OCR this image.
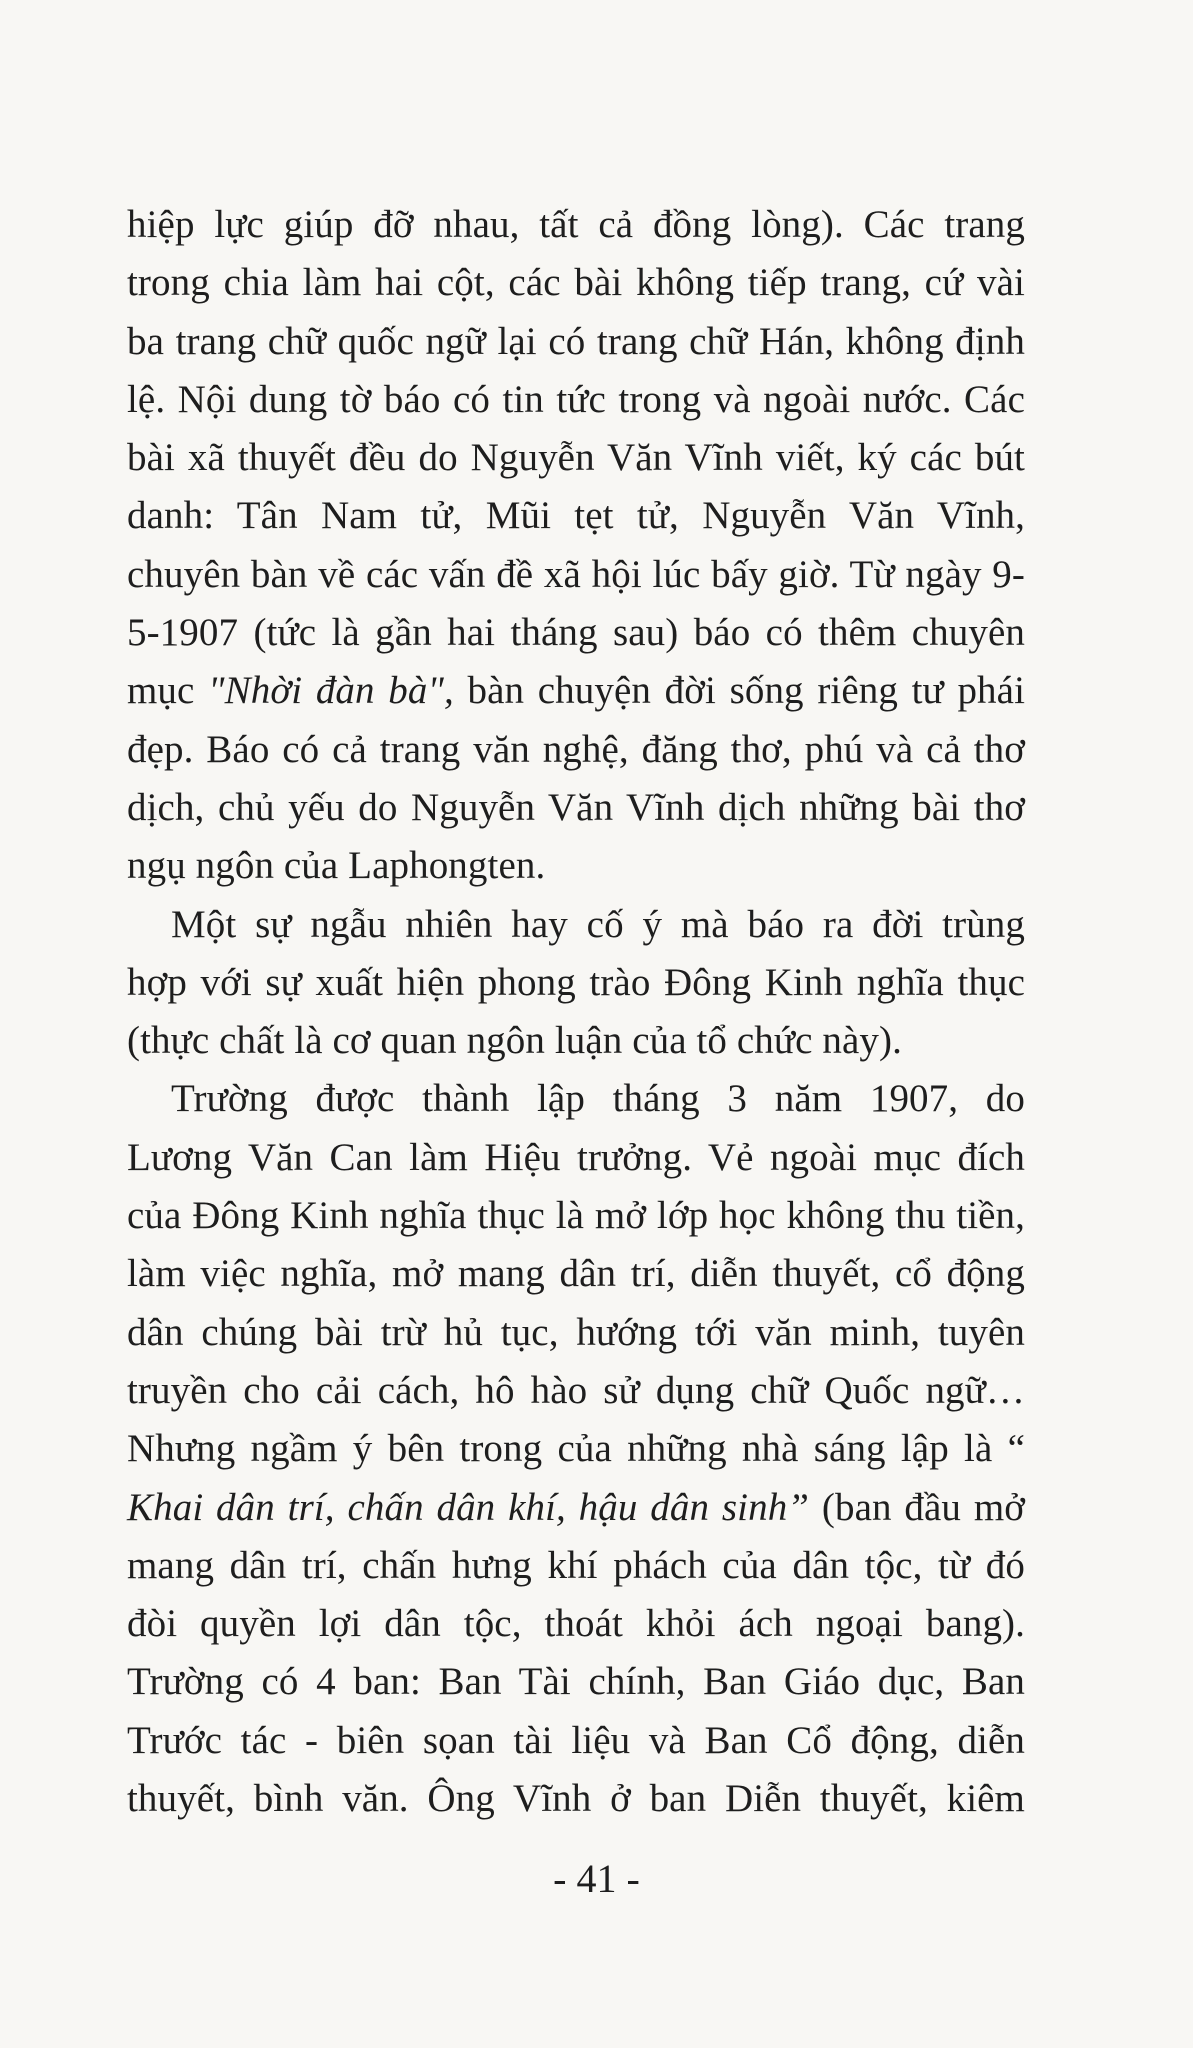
hiệp lực giúp đỡ nhau, tất cả đồng lòng). Các trang
trong chia làm hai cột, các bài không tiếp trang, cứ vài
ba trang chữ quốc ngữ lại có trang chữ Hán, không định
lệ. Nội dung tờ báo có tin tức trong và ngoài nước. Các
bài xã thuyết đều do Nguyễn Văn Vĩnh viết, ký các bút
danh: Tân Nam tử, Mũi tẹt tử, Nguyễn Văn Vĩnh,
chuyên bàn về các vấn đề xã hội lúc bấy giờ. Từ ngày 9-
5-1907 (tức là gần hai tháng sau) báo có thêm chuyên
mục "Nhời đàn bà", bàn chuyện đời sống riêng tư phái
đẹp. Báo có cả trang văn nghệ, đăng thơ, phú và cả thơ
dịch, chủ yếu do Nguyễn Văn Vĩnh dịch những bài thơ
ngụ ngôn của Laphongten.
Một sự ngẫu nhiên hay cố ý mà báo ra đời trùng
hợp với sự xuất hiện phong trào Đông Kinh nghĩa thục
(thực chất là cơ quan ngôn luận của tổ chức này).
Trường được thành lập tháng 3 năm 1907, do
Lương Văn Can làm Hiệu trưởng. Vẻ ngoài mục đích
của Đông Kinh nghĩa thục là mở lớp học không thu tiền,
làm việc nghĩa, mở mang dân trí, diễn thuyết, cổ động
dân chúng bài trừ hủ tục, hướng tới văn minh, tuyên
truyền cho cải cách, hô hào sử dụng chữ Quốc ngữ…
Nhưng ngầm ý bên trong của những nhà sáng lập là “
Khai dân trí, chấn dân khí, hậu dân sinh” (ban đầu mở
mang dân trí, chấn hưng khí phách của dân tộc, từ đó
đòi quyền lợi dân tộc, thoát khỏi ách ngoại bang).
Trường có 4 ban: Ban Tài chính, Ban Giáo dục, Ban
Trước tác - biên sọan tài liệu và Ban Cổ động, diễn
thuyết, bình văn. Ông Vĩnh ở ban Diễn thuyết, kiêm
- 41 -
